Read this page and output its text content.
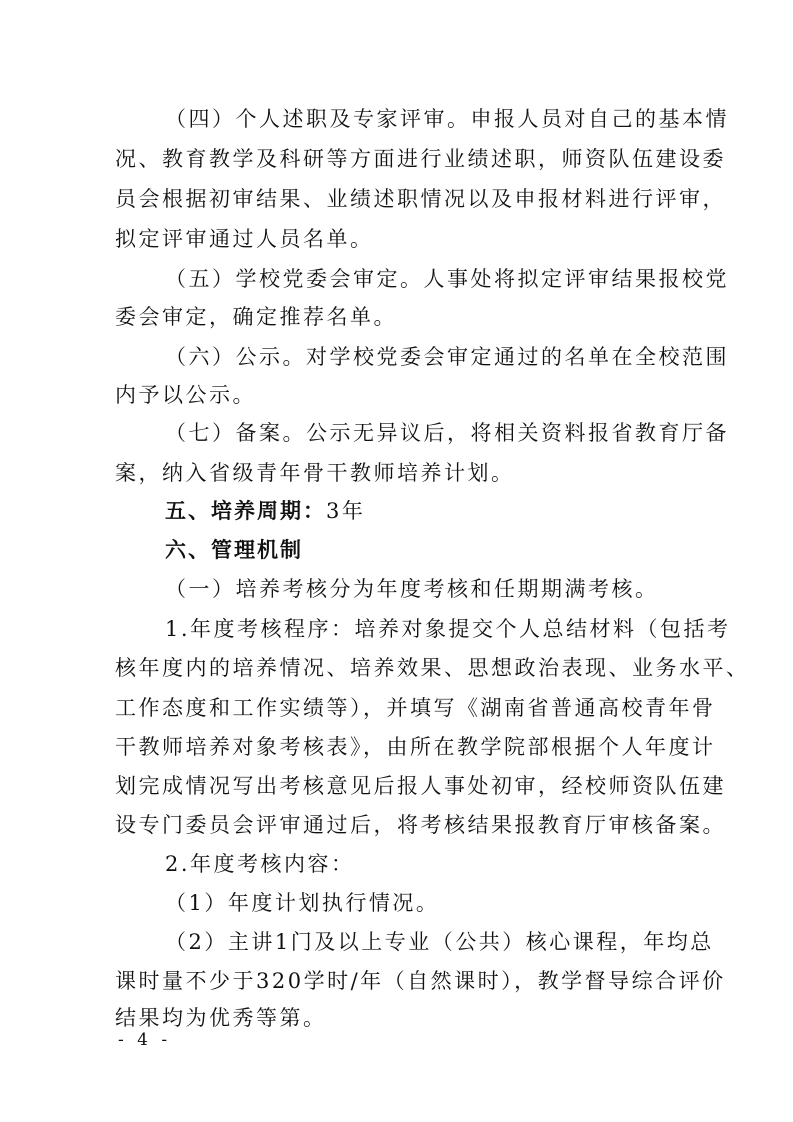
（四）个人述职及专家评审。申报人员对自己的基本情
况、教育教学及科研等方面进行业绩述职，师资队伍建设委
员会根据初审结果、业绩述职情况以及申报材料进行评审，
拟定评审通过人员名单。
（五）学校党委会审定。人事处将拟定评审结果报校党
委会审定，确定推荐名单。
（六）公示。对学校党委会审定通过的名单在全校范围
内予以公示。
（七）备案。公示无异议后，将相关资料报省教育厅备
案，纳入省级青年骨干教师培养计划。
五、培养周期：3年
六、管理机制
（一）培养考核分为年度考核和任期期满考核。
1.年度考核程序：培养对象提交个人总结材料（包括考
核年度内的培养情况、培养效果、思想政治表现、业务水平、
工作态度和工作实绩等），并填写《湖南省普通高校青年骨
干教师培养对象考核表》，由所在教学院部根据个人年度计
划完成情况写出考核意见后报人事处初审，经校师资队伍建
设专门委员会评审通过后，将考核结果报教育厅审核备案。
2.年度考核内容：
（1）年度计划执行情况。
（2）主讲1门及以上专业（公共）核心课程，年均总
课时量不少于320学时/年（自然课时），教学督导综合评价
结果均为优秀等第。
- 4 -
